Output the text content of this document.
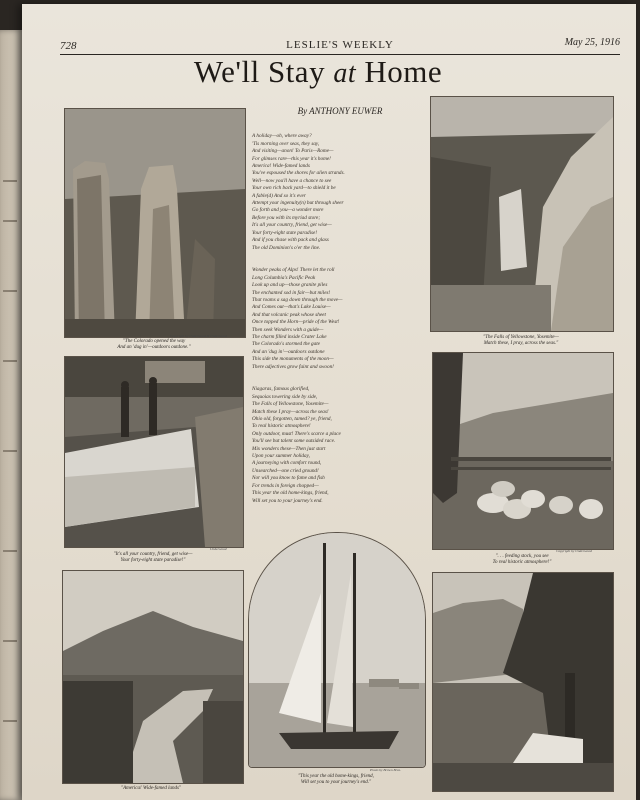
728	LESLIE'S WEEKLY	May 25, 1916
We'll Stay at Home
By ANTHONY EUWER

A holiday—oh, where away?
'Tis morning over seas, they say,
And visiting—anon! To Paris—Rome—
For glimses rare—this year it's home!
America! Wide-famed lands
You've espoused the shores for alien strands.
Well—now you'll have a chance to see
Your own rich back yard—to shield it be
A fable(d) And so it's ever
Attempt your ingenuity(n) but through sheer
Go forth and you—a wonder more
Before you with its myriad store;
It's all your country, friend, get wise—
Your forty-eight state paradise!
And if you chase with pack and glass
The old Dominion's o'er the line.

Wonder peaks of Alps! There let the roll
Long Columbia's Pacific Peak
Look up and up—those granite piles
The enchanted sod in fair—but miles!
That roams a sag down through the move—
And Comes out—that's Lake Louise—
And that volcanic peak whose sheet
Once topped the Horn—pride of the West!
Then seek Wonders with a guide—
The charm filled inside Crater Lake
The Colorado's stormed the gate
And an 'dug in'—outdoors outdone
This side the monuments of the moon—
There adjectives grow faint and swoon!

Niagaras, famous glorified,
Sequoias towering side by side,
The Falls of Yellowstone, Yosemite—
Match these I pray—across the seas!
Ohio old, forgotten, tamed? ye, friend,
To real historic atmosphere!
Only outdoor, must! There's scarce a place
You'll see but talent some outsided race.
Mix wonders these—Then just start
Upon your summer holiday,
A journeying with comfort round,
Unsearched—one cried ground!
Nor will you know to fame and fish
For trends in foreign chopped—
This year the old home-kings, friend,
Will set you to your journey's end.

Copyright by Underwood & Underwood
"The Colorado opened the way
And an 'dug in'—outdoors outdone."
"The Falls of Yellowstone, Yosemite—
Match these, I pray, across the seas."
Underwood
"It's all your country, friend, get wise—
Your forty-eight state paradise!"
Copyright by Underwood
". . . feeding stock, you see
To real historic atmosphere!"
"America! Wide-famed lands"
Photo by Brown Bros.
"This year the old home-kings, friend,
Will set you to your journey's end."
